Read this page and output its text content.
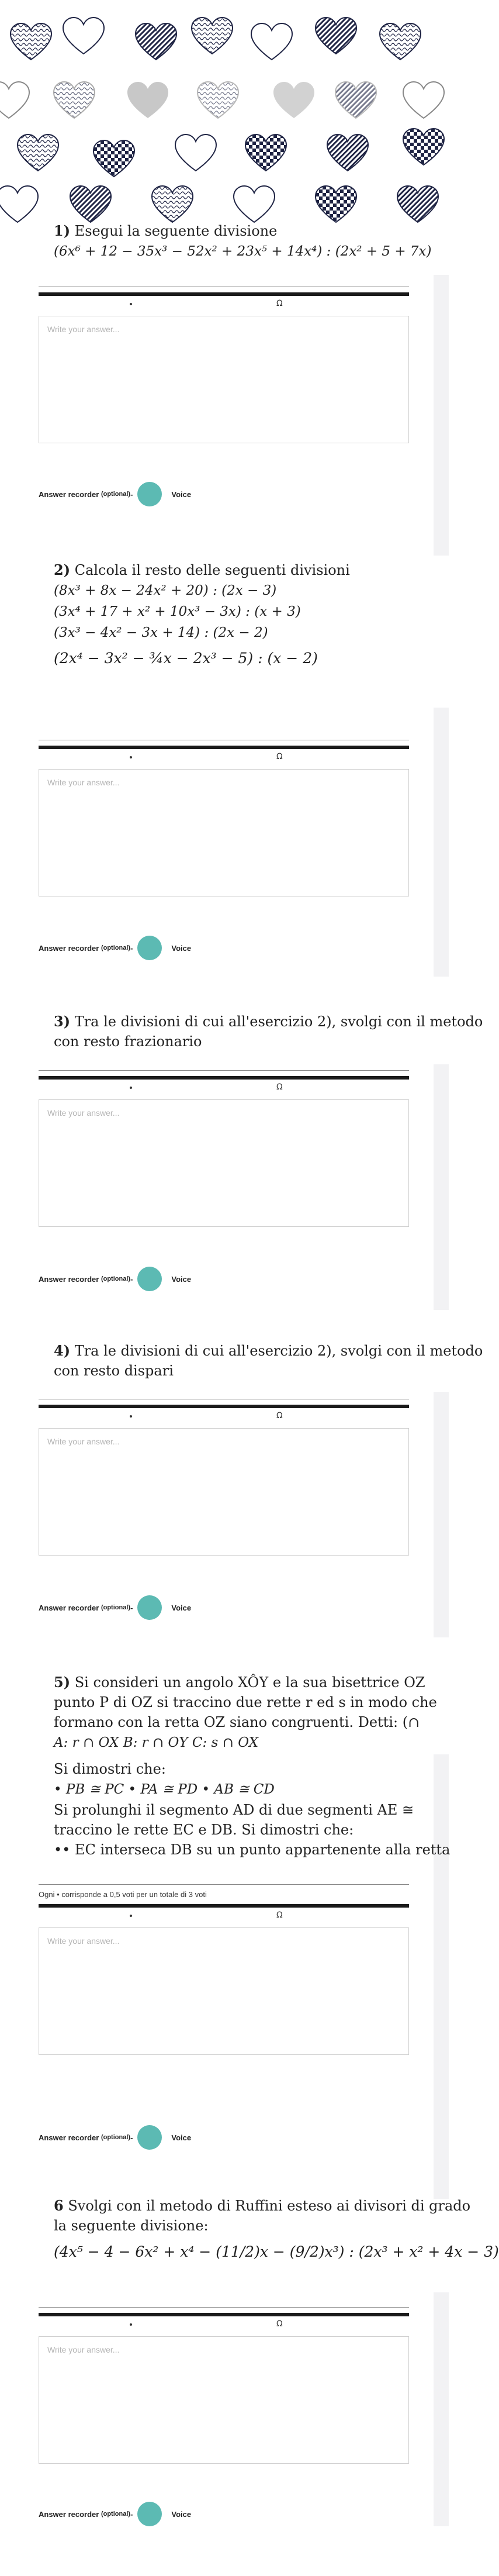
1) Esegui la seguente divisione
(6x⁶ + 12 − 35x³ − 52x² + 23x⁵ + 14x⁴) : (2x² + 5 + 7x)
Ω
Write your answer...
Answer recorder
(optional) -	Voice
2) Calcola il resto delle seguenti divisioni
(8x³ + 8x − 24x² + 20) : (2x − 3)
(3x⁴ + 17 + x² + 10x³ − 3x) : (x + 3)
(3x³ − 4x² − 3x + 14) : (2x − 2)
(2x⁴ − 3x² − ¾x − 2x³ − 5) : (x − 2)
Ω
Write your answer...
Answer recorder
(optional) -	Voice
3) Tra le divisioni di cui all'esercizio 2), svolgi con il metodo
con resto frazionario
Ω
Write your answer...
Answer recorder
(optional) -	Voice
4) Tra le divisioni di cui all'esercizio 2), svolgi con il metodo
con resto dispari
Ω
Write your answer...
Answer recorder
(optional) -	Voice
5) Si consideri un angolo XÔY e la sua bisettrice OZ
punto P di OZ si traccino due rette r ed s in modo che
formano con la retta OZ siano congruenti. Detti: (∩
A: r ∩ OX B: r ∩ OY C: s ∩ OX
Si dimostri che:
• PB ≅ PC • PA ≅ PD • AB ≅ CD
Si prolunghi il segmento AD di due segmenti AE ≅
traccino le rette EC e DB. Si dimostri che:
•• EC interseca DB su un punto appartenente alla retta
Ogni • corrisponde a 0,5 voti per un totale di 3 voti
Ω
Write your answer...
Answer recorder
(optional) -	Voice
6 Svolgi con il metodo di Ruffini esteso ai divisori di grado
la seguente divisione:
(4x⁵ − 4 − 6x² + x⁴ − (11/2)x − (9/2)x³) : (2x³ + x² + 4x − 3)
Ω
Write your answer...
Answer recorder
(optional) -	Voice
